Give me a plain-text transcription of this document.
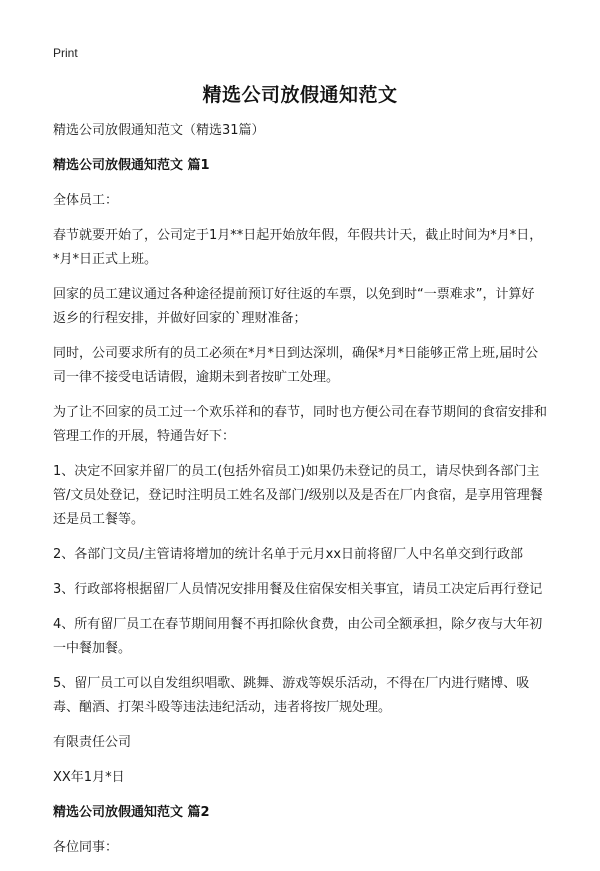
Print
精选公司放假通知范文

精选公司放假通知范文（精选31篇）

精选公司放假通知范文 篇1

全体员工：

春节就要开始了，公司定于1月**日起开始放年假，年假共计天，截止时间为*月*日，*月*日正式上班。

回家的员工建议通过各种途径提前预订好往返的车票，以免到时“一票难求”，计算好返乡的行程安排，并做好回家的`理财准备；

同时，公司要求所有的员工必须在*月*日到达深圳，确保*月*日能够正常上班,届时公司一律不接受电话请假，逾期未到者按旷工处理。

为了让不回家的员工过一个欢乐祥和的春节，同时也方便公司在春节期间的食宿安排和管理工作的开展，特通告好下：

1、决定不回家并留厂的员工(包括外宿员工)如果仍未登记的员工，请尽快到各部门主管/文员处登记，登记时注明员工姓名及部门/级别以及是否在厂内食宿，是享用管理餐还是员工餐等。

2、各部门文员/主管请将增加的统计名单于元月xx日前将留厂人中名单交到行政部

3、行政部将根据留厂人员情况安排用餐及住宿保安相关事宜，请员工决定后再行登记

4、所有留厂员工在春节期间用餐不再扣除伙食费，由公司全额承担，除夕夜与大年初一中餐加餐。

5、留厂员工可以自发组织唱歌、跳舞、游戏等娱乐活动，不得在厂内进行赌博、吸毒、酗酒、打架斗殴等违法违纪活动，违者将按厂规处理。

有限责任公司

XX年1月*日

精选公司放假通知范文 篇2

各位同事：
